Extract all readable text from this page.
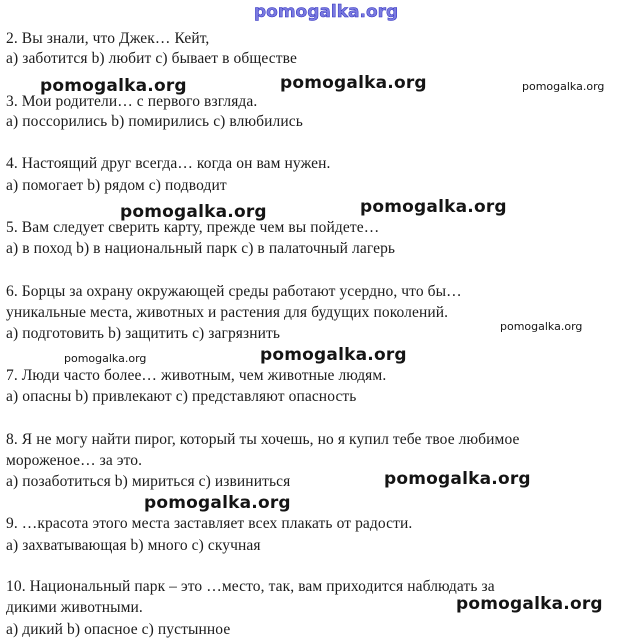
pomogalka.org
2. Вы знали, что Джек… Кейт,
a) заботится b) любит c) бывает в обществе
pomogalka.org	pomogalka.org	pomogalka.org
3. Мои родители… с первого взгляда.
a) поссорились b) помирились c) влюбились
4. Настоящий друг всегда… когда он вам нужен.
a) помогает b) рядом c) подводит
pomogalka.org	pomogalka.org
5. Вам следует сверить карту, прежде чем вы пойдете…
a) в поход b) в национальный парк c) в палаточный лагерь
6. Борцы за охрану окружающей среды работают усердно, что бы…
уникальные места, животных и растения для будущих поколений.
pomogalka.org
a) подготовить b) защитить c) загрязнить
pomogalka.org	pomogalka.org
7. Люди часто более… животным, чем животные людям.
a) опасны b) привлекают c) представляют опасность
8. Я не могу найти пирог, который ты хочешь, но я купил тебе твое любимое
мороженое… за это.
a) позаботиться b) мириться c) извиниться	pomogalka.org
pomogalka.org
9. …красота этого места заставляет всех плакать от радости.
a) захватывающая b) много c) скучная
10. Национальный парк – это …место, так, вам приходится наблюдать за
дикими животными.	pomogalka.org
a) дикий b) опасное c) пустынное
